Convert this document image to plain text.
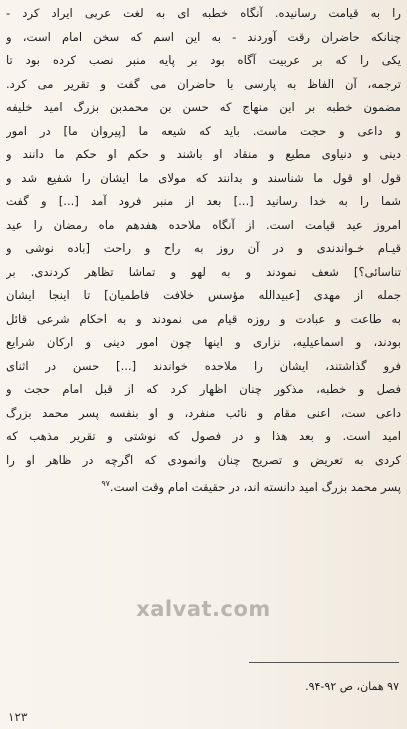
را به قیامت رسانیده. آنگاه خطبه ای به لغت عربی ایراد کرد -
چنانکه حاضران رقت آوردند - به این اسم که سخن امام است، و
یکی را که بر عربیت آگاه بود بر پایه منبر نصب کرده بود تا
ترجمه، آن الفاظ به پارسی با حاضران می گفت و تقریر می کرد.
مضمون خطبه بر این منهاج که حسن بن محمدبن بزرگ امید خلیفه
و داعی و حجت ماست. باید که شیعه ما [پیروان ما] در امور
دینی و دنیاوی مطیع و منقاد او باشند و حکم او حکم ما دانند و
قول او قول ما شناسند و بدانند که مولای ما ایشان را شفیع شد و
شما را به خدا رسانید [...] بعد از منبر فرود آمد [...] و گفت
امروز عید قیامت است. از آنگاه ملاحده هفدهم ماه رمضان را عید
قیـام خـواندندی و در آن روز به راح و راحت [باده نوشی و
تناسائی؟] شعف نمودند و به لهو و تماشا تظاهر کردندی. بر
جمله از مهدی [عبیدالله مؤسس خلافت فاطمیان] تا اینجا ایشان
به طاعت و عبادت و روزه قیام می نمودند و به احکام شرعی قائل
بودند، و اسماعیلیه، نزاری و اینها چون امور دینی و ارکان شرایع
فرو گذاشتند، ایشان را ملاحده خواندند [...] حسن در اثنای
فصل و خطبه، مذکور چنان اظهار کرد که از قبل امام حجت و
داعی ست، اعنی مقام و نائب منفرد، و او بنفسه پسر محمد بزرگ
امید است. و بعد هذا و در فصول که نوشتی و تقریر مذهب که
کردی به تعریض و تصریح چنان وانمودی که اگرچه در ظاهر او را
پسر محمد بزرگ امید دانسته اند، در حقیقت امام وقت است.$^{۹۷}$
xalvat.com
۹۷ همان، ص ۹۲-۹۴.
۱۲۳
